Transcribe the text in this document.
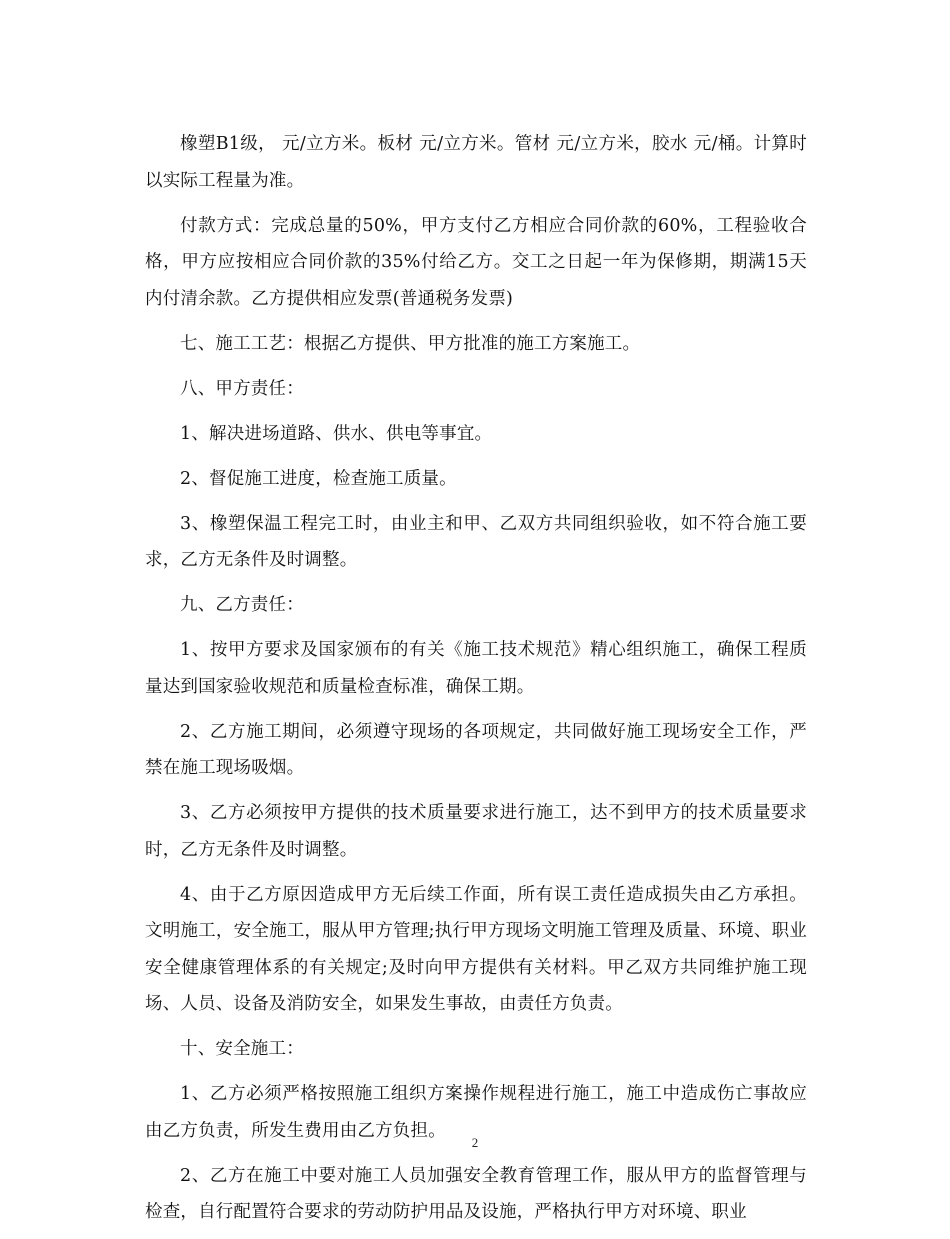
橡塑B1级， 元/立方米。板材 元/立方米。管材 元/立方米，胶水 元/桶。计算时以实际工程量为准。

付款方式：完成总量的50%，甲方支付乙方相应合同价款的60%，工程验收合格，甲方应按相应合同价款的35%付给乙方。交工之日起一年为保修期，期满15天内付清余款。乙方提供相应发票(普通税务发票)

七、施工工艺：根据乙方提供、甲方批准的施工方案施工。

八、甲方责任：

1、解决进场道路、供水、供电等事宜。

2、督促施工进度，检查施工质量。

3、橡塑保温工程完工时，由业主和甲、乙双方共同组织验收，如不符合施工要求，乙方无条件及时调整。

九、乙方责任：

1、按甲方要求及国家颁布的有关《施工技术规范》精心组织施工，确保工程质量达到国家验收规范和质量检查标准，确保工期。

2、乙方施工期间，必须遵守现场的各项规定，共同做好施工现场安全工作，严禁在施工现场吸烟。

3、乙方必须按甲方提供的技术质量要求进行施工，达不到甲方的技术质量要求时，乙方无条件及时调整。

4、由于乙方原因造成甲方无后续工作面，所有误工责任造成损失由乙方承担。文明施工，安全施工，服从甲方管理;执行甲方现场文明施工管理及质量、环境、职业安全健康管理体系的有关规定;及时向甲方提供有关材料。甲乙双方共同维护施工现场、人员、设备及消防安全，如果发生事故，由责任方负责。

十、安全施工：

1、乙方必须严格按照施工组织方案操作规程进行施工，施工中造成伤亡事故应由乙方负责，所发生费用由乙方负担。

2、乙方在施工中要对施工人员加强安全教育管理工作，服从甲方的监督管理与检查，自行配置符合要求的劳动防护用品及设施，严格执行甲方对环境、职业

2
